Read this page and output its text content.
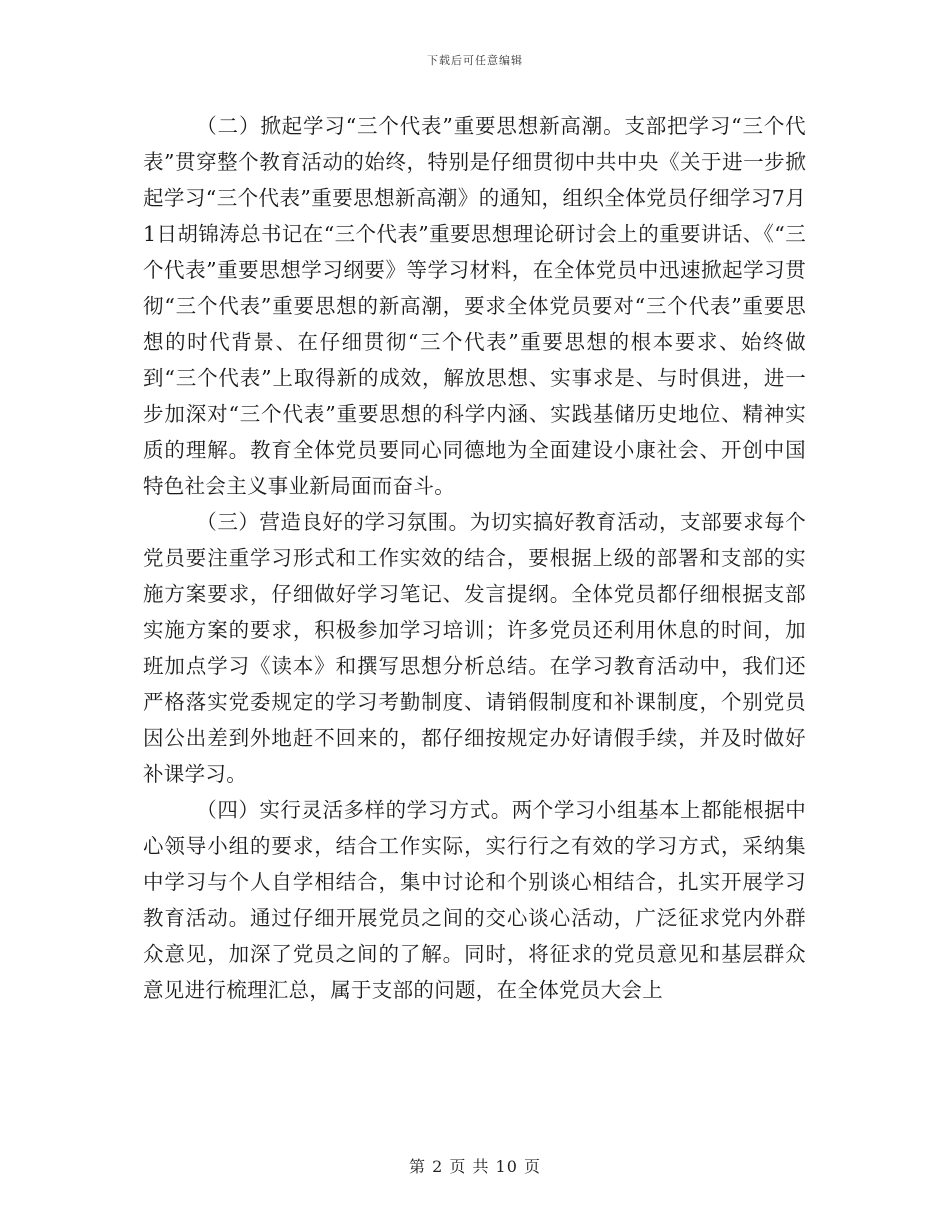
下载后可任意编辑

（二）掀起学习“三个代表”重要思想新高潮。支部把学习“三个代表”贯穿整个教育活动的始终，特别是仔细贯彻中共中央《关于进一步掀起学习“三个代表”重要思想新高潮》的通知，组织全体党员仔细学习7月1日胡锦涛总书记在“三个代表”重要思想理论研讨会上的重要讲话、《“三个代表”重要思想学习纲要》等学习材料，在全体党员中迅速掀起学习贯彻“三个代表”重要思想的新高潮，要求全体党员要对“三个代表”重要思想的时代背景、在仔细贯彻“三个代表”重要思想的根本要求、始终做到“三个代表”上取得新的成效，解放思想、实事求是、与时俱进，进一步加深对“三个代表”重要思想的科学内涵、实践基储历史地位、精神实质的理解。教育全体党员要同心同德地为全面建设小康社会、开创中国特色社会主义事业新局面而奋斗。

（三）营造良好的学习氛围。为切实搞好教育活动，支部要求每个党员要注重学习形式和工作实效的结合，要根据上级的部署和支部的实施方案要求，仔细做好学习笔记、发言提纲。全体党员都仔细根据支部实施方案的要求，积极参加学习培训；许多党员还利用休息的时间，加班加点学习《读本》和撰写思想分析总结。在学习教育活动中，我们还严格落实党委规定的学习考勤制度、请销假制度和补课制度，个别党员因公出差到外地赶不回来的，都仔细按规定办好请假手续，并及时做好补课学习。

（四）实行灵活多样的学习方式。两个学习小组基本上都能根据中心领导小组的要求，结合工作实际，实行行之有效的学习方式，采纳集中学习与个人自学相结合，集中讨论和个别谈心相结合，扎实开展学习教育活动。通过仔细开展党员之间的交心谈心活动，广泛征求党内外群众意见，加深了党员之间的了解。同时，将征求的党员意见和基层群众意见进行梳理汇总，属于支部的问题，在全体党员大会上

第 2 页 共 10 页
